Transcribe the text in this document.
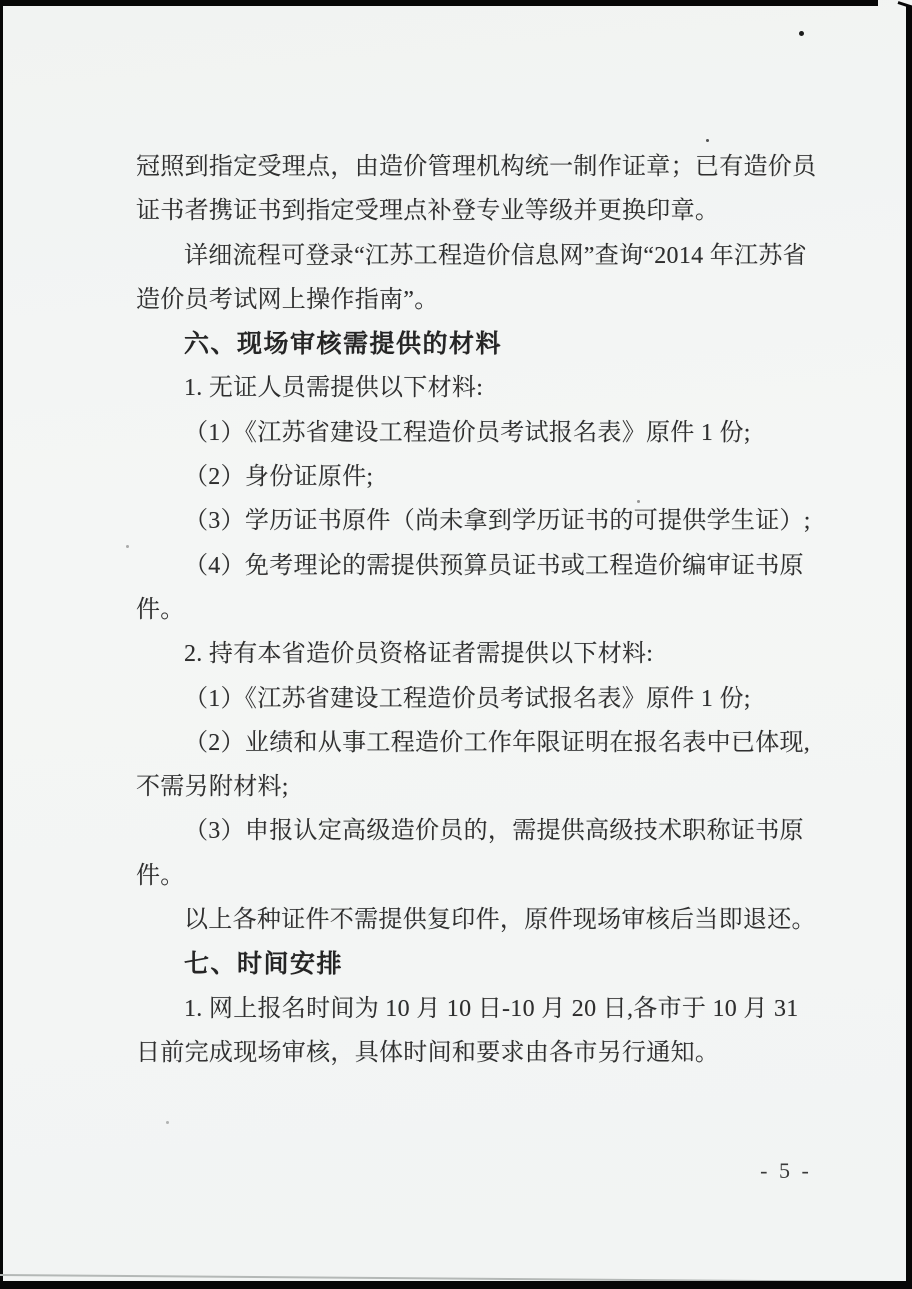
冠照到指定受理点，由造价管理机构统一制作证章；已有造价员
证书者携证书到指定受理点补登专业等级并更换印章。
详细流程可登录“江苏工程造价信息网”查询“2014 年江苏省
造价员考试网上操作指南”。
六、现场审核需提供的材料
1. 无证人员需提供以下材料:
（1）《江苏省建设工程造价员考试报名表》原件 1 份;
（2）身份证原件;
（3）学历证书原件（尚未拿到学历证书的可提供学生证）;
（4）免考理论的需提供预算员证书或工程造价编审证书原
件。
2. 持有本省造价员资格证者需提供以下材料:
（1）《江苏省建设工程造价员考试报名表》原件 1 份;
（2）业绩和从事工程造价工作年限证明在报名表中已体现,
不需另附材料;
（3）申报认定高级造价员的，需提供高级技术职称证书原
件。
以上各种证件不需提供复印件，原件现场审核后当即退还。
七、时间安排
1. 网上报名时间为 10 月 10 日-10 月 20 日,各市于 10 月 31
日前完成现场审核，具体时间和要求由各市另行通知。
- 5 -
